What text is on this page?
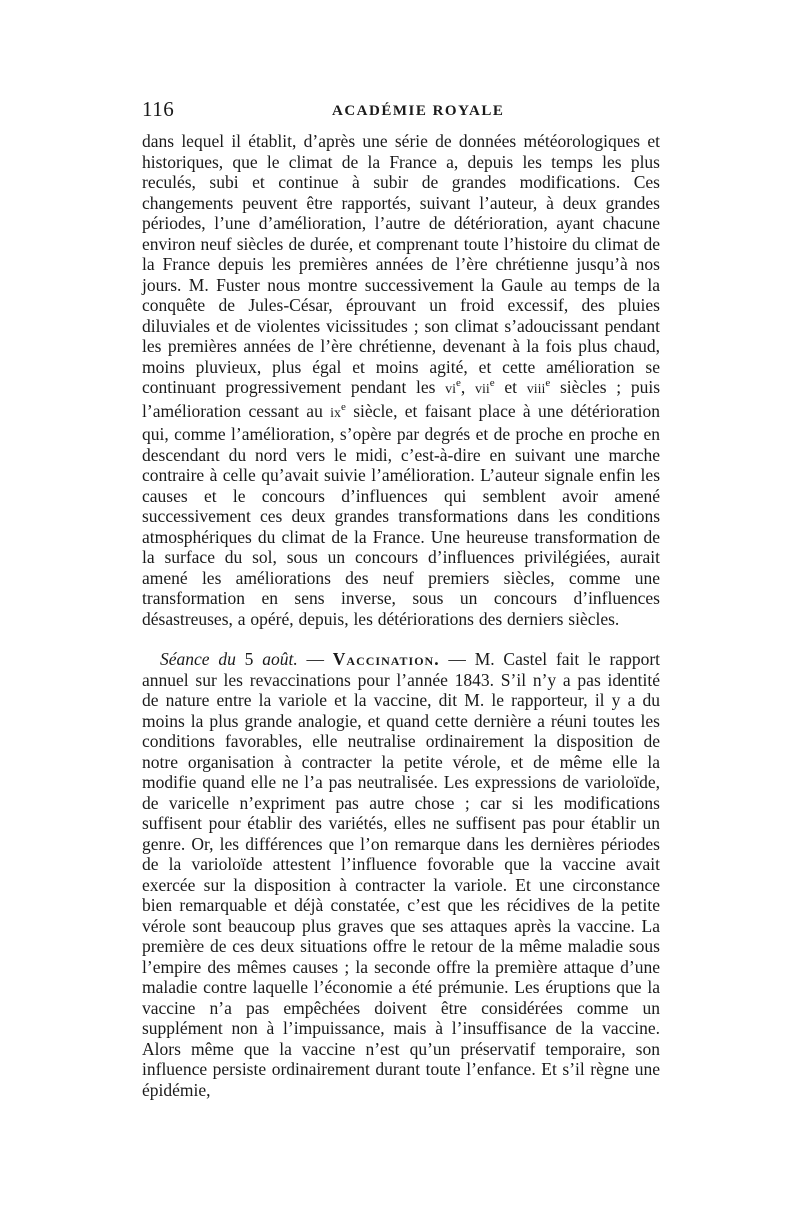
116	ACADÉMIE ROYALE

dans lequel il établit, d’après une série de données météorologiques et historiques, que le climat de la France a, depuis les temps les plus reculés, subi et continue à subir de grandes modifications. Ces changements peuvent être rapportés, suivant l’auteur, à deux grandes périodes, l’une d’amélioration, l’autre de détérioration, ayant chacune environ neuf siècles de durée, et comprenant toute l’histoire du climat de la France depuis les premières années de l’ère chrétienne jusqu’à nos jours. M. Fuster nous montre successivement la Gaule au temps de la conquête de Jules-César, éprouvant un froid excessif, des pluies diluviales et de violentes vicissitudes ; son climat s’adoucissant pendant les premières années de l’ère chrétienne, devenant à la fois plus chaud, moins pluvieux, plus égal et moins agité, et cette amélioration se continuant progressivement pendant les $vi^e$, vii$^e$ et viii$^e$ siècles ; puis l’amélioration cessant au $ix^e$ siècle, et faisant place à une détérioration qui, comme l’amélioration, s’opère par degrés et de proche en proche en descendant du nord vers le midi, c’est-à-dire en suivant une marche contraire à celle qu’avait suivie l’amélioration. L’auteur signale enfin les causes et le concours d’influences qui semblent avoir amené successivement ces deux grandes transformations dans les conditions atmosphériques du climat de la France. Une heureuse transformation de la surface du sol, sous un concours d’influences privilégiées, aurait amené les améliorations des neuf premiers siècles, comme une transformation en sens inverse, sous un concours d’influences désastreuses, a opéré, depuis, les détériorations des derniers siècles.

Séance du 5 août. — Vaccination. — M. Castel fait le rapport annuel sur les revaccinations pour l’année 1843. S’il n’y a pas identité de nature entre la variole et la vaccine, dit M. le rapporteur, il y a du moins la plus grande analogie, et quand cette dernière a réuni toutes les conditions favorables, elle neutralise ordinairement la disposition de notre organisation à contracter la petite vérole, et de même elle la modifie quand elle ne l’a pas neutralisée. Les expressions de varioloïde, de varicelle n’expriment pas autre chose ; car si les modifications suffisent pour établir des variétés, elles ne suffisent pas pour établir un genre. Or, les différences que l’on remarque dans les dernières périodes de la varioloïde attestent l’influence fovorable que la vaccine avait exercée sur la disposition à contracter la variole. Et une circonstance bien remarquable et déjà constatée, c’est que les récidives de la petite vérole sont beaucoup plus graves que ses attaques après la vaccine. La première de ces deux situations offre le retour de la même maladie sous l’empire des mêmes causes ; la seconde offre la première attaque d’une maladie contre laquelle l’économie a été prémunie. Les éruptions que la vaccine n’a pas empêchées doivent être considérées comme un supplément non à l’impuissance, mais à l’insuffisance de la vaccine. Alors même que la vaccine n’est qu’un préservatif temporaire, son influence persiste ordinairement durant toute l’enfance. Et s’il règne une épidémie,
